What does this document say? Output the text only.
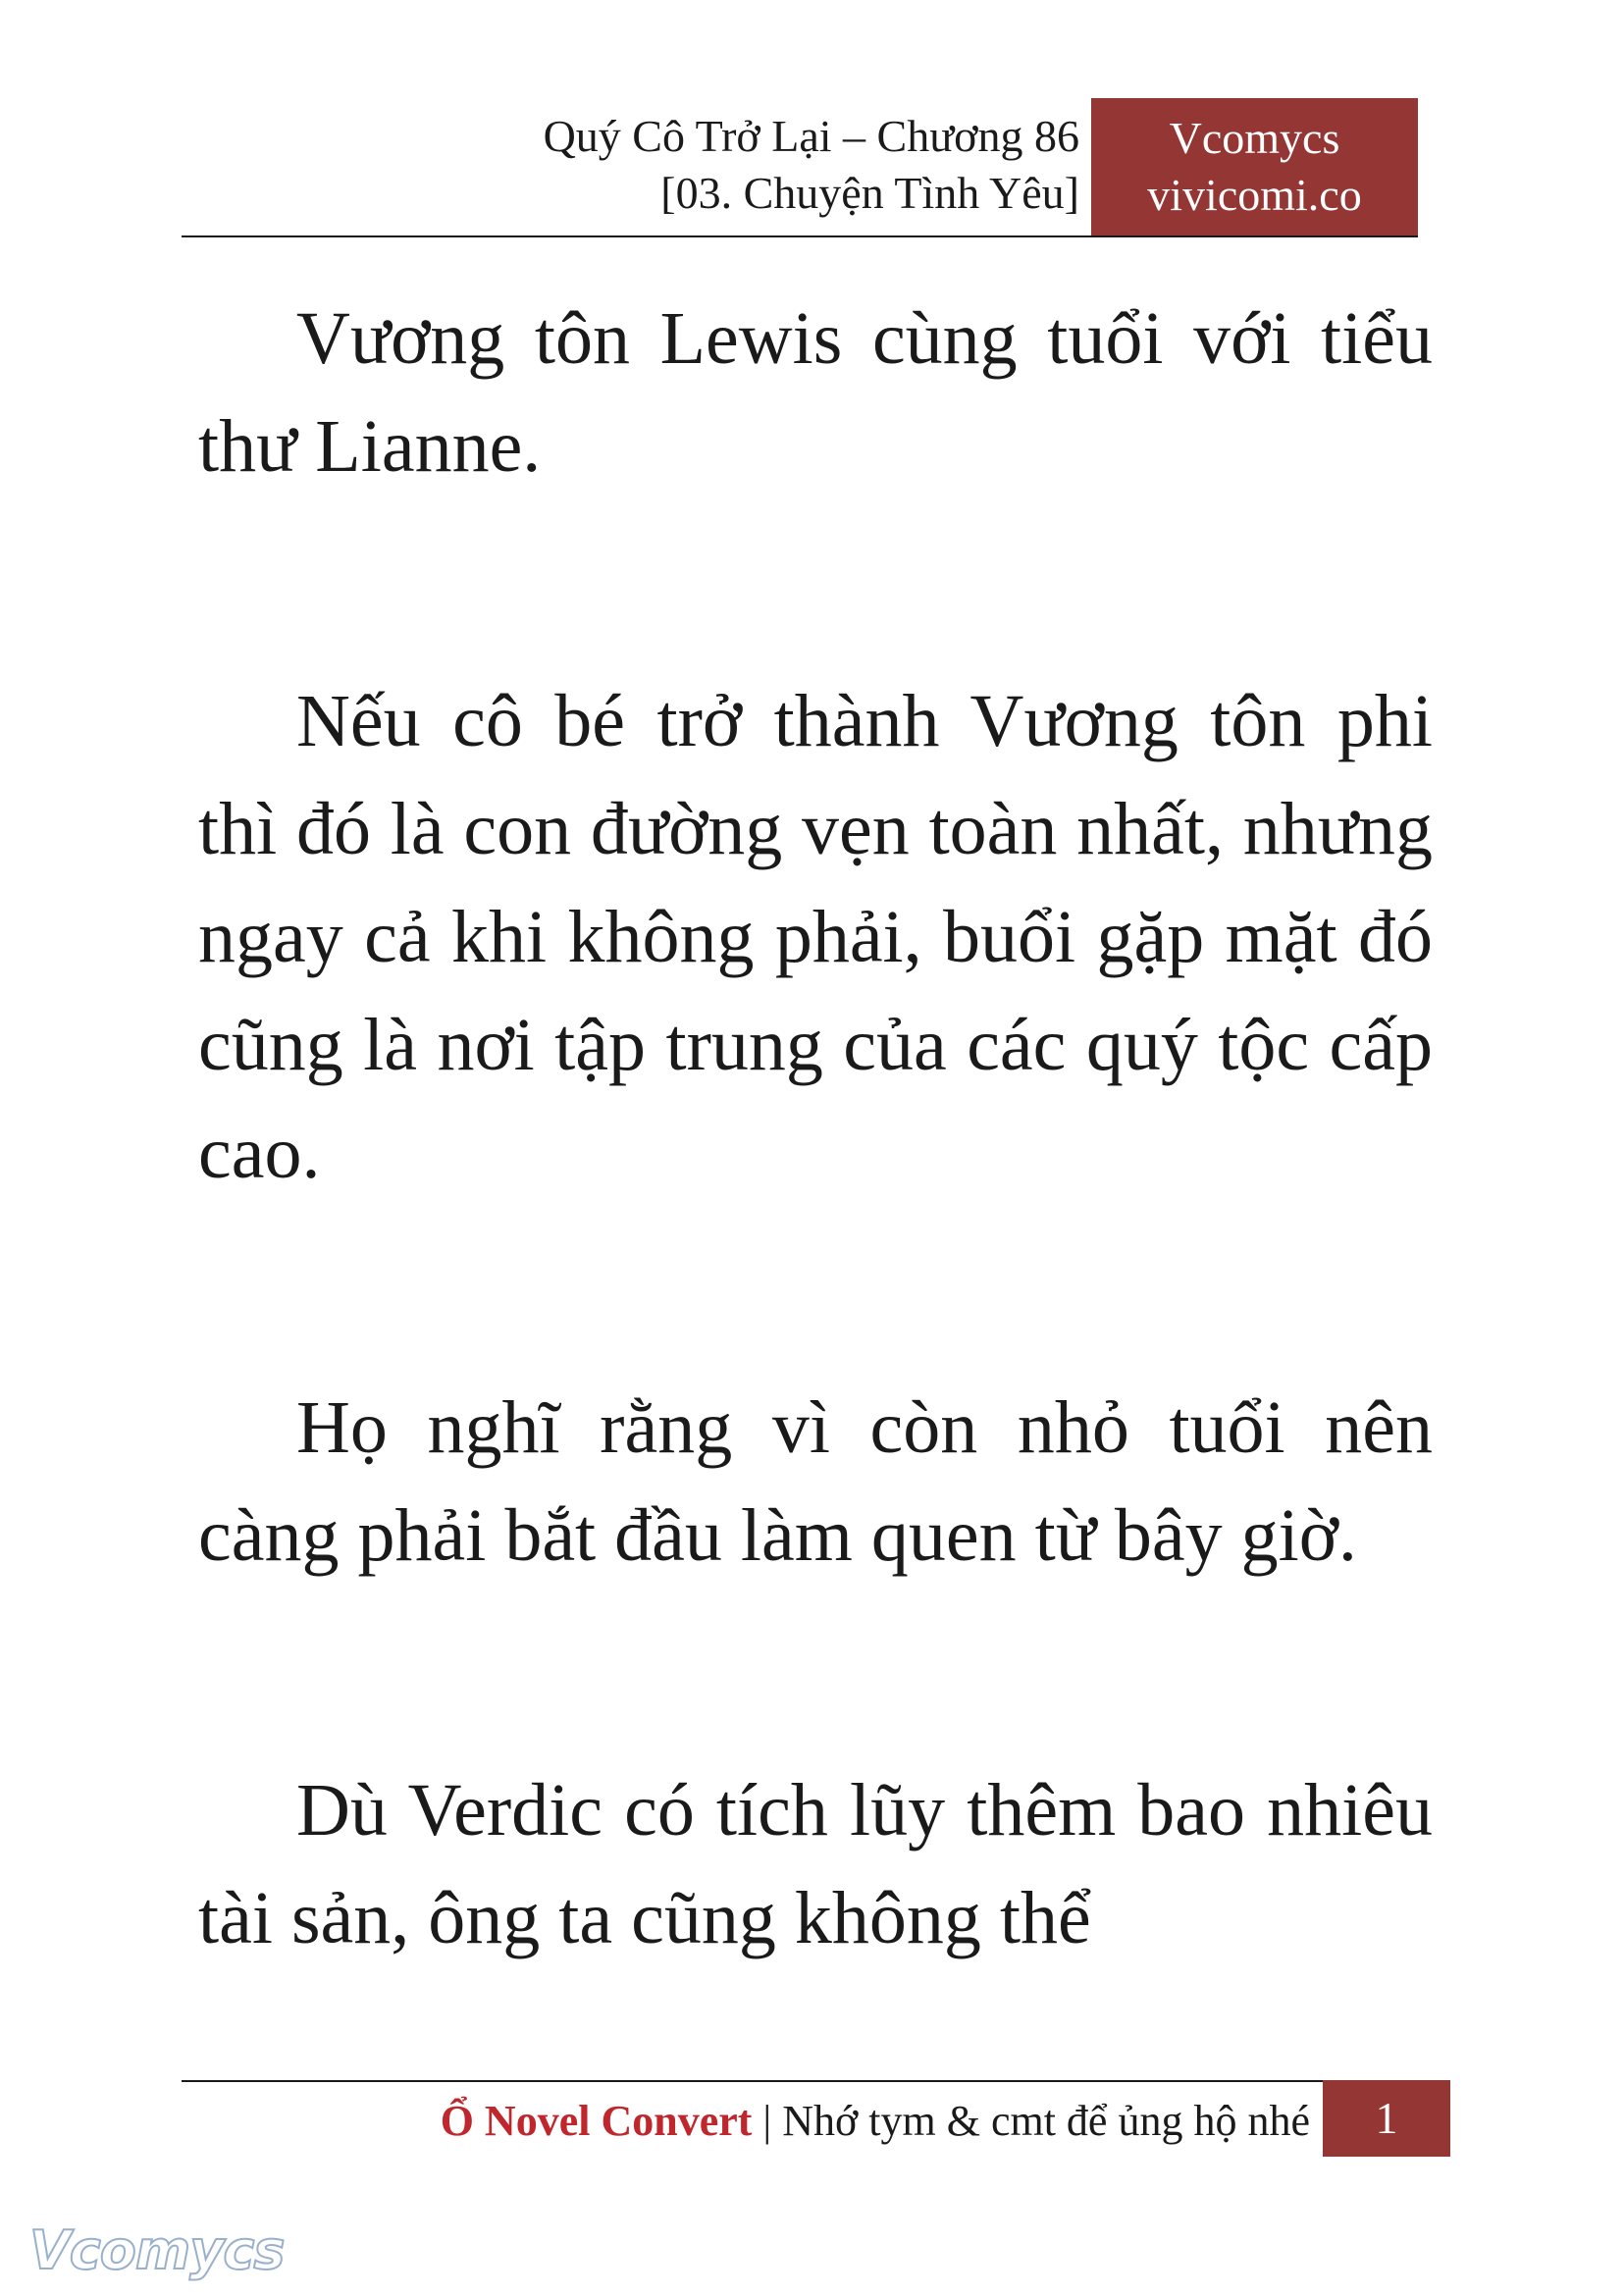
Quý Cô Trở Lại – Chương 86
[03. Chuyện Tình Yêu]
Vcomycs
vivicomi.co

Vương tôn Lewis cùng tuổi với tiểu thư Lianne.

Nếu cô bé trở thành Vương tôn phi thì đó là con đường vẹn toàn nhất, nhưng ngay cả khi không phải, buổi gặp mặt đó cũng là nơi tập trung của các quý tộc cấp cao.

Họ nghĩ rằng vì còn nhỏ tuổi nên càng phải bắt đầu làm quen từ bây giờ.

Dù Verdic có tích lũy thêm bao nhiêu tài sản, ông ta cũng không thể

Ổ Novel Convert | Nhớ tym & cmt để ủng hộ nhé	1
Vcomycs
